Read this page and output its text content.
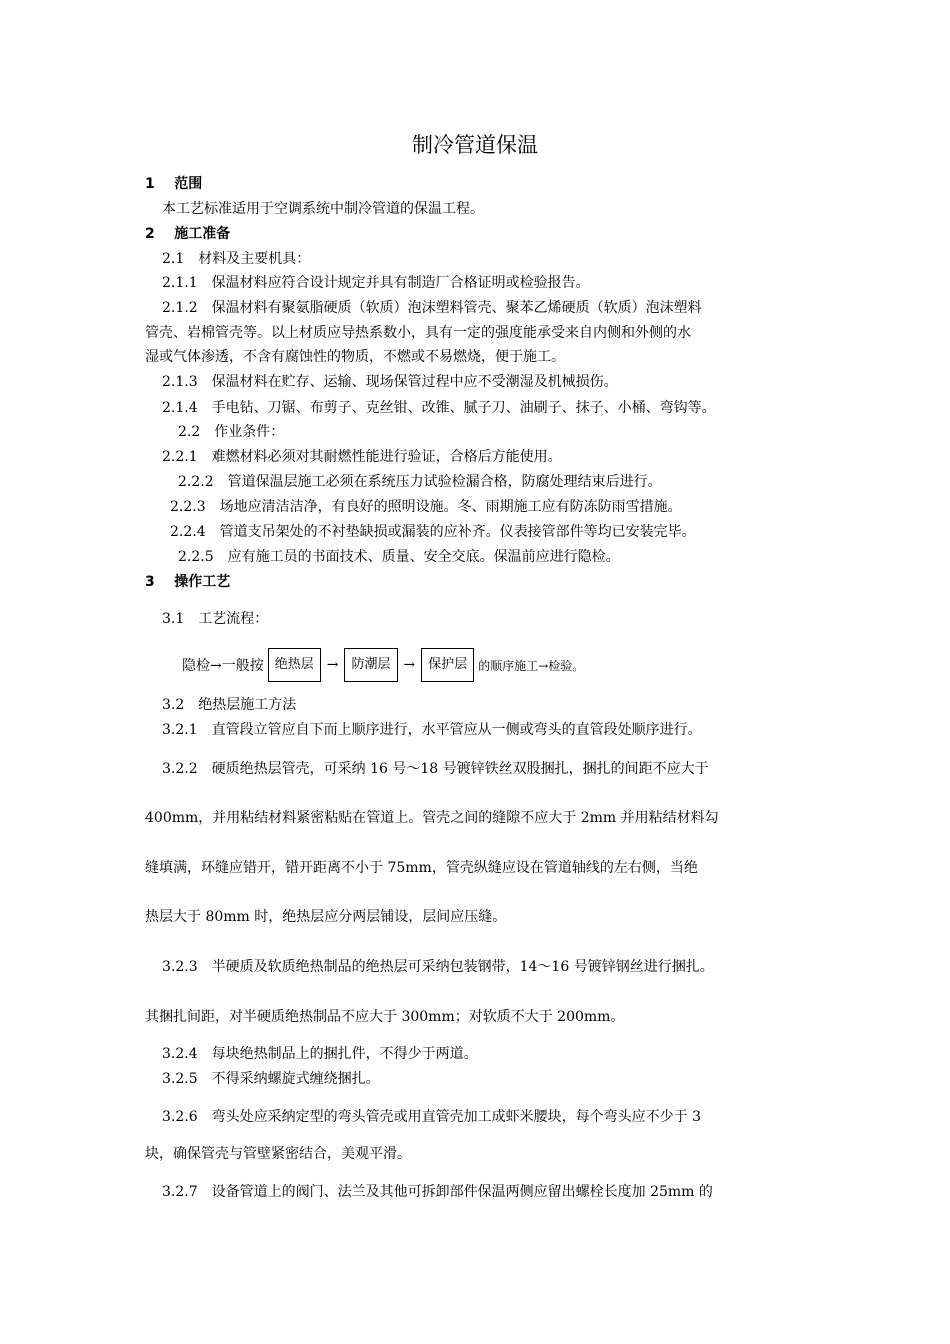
制冷管道保温
1 范围
本工艺标准适用于空调系统中制冷管道的保温工程。
2 施工准备
2.1　材料及主要机具：
2.1.1　保温材料应符合设计规定并具有制造厂合格证明或检验报告。
2.1.2　保温材料有聚氨脂硬质（软质）泡沫塑料管壳、聚苯乙烯硬质（软质）泡沫塑料
管壳、岩棉管壳等。以上材质应导热系数小，具有一定的强度能承受来自内侧和外侧的水
湿或气体渗透，不含有腐蚀性的物质，不燃或不易燃烧，便于施工。
2.1.3　保温材料在贮存、运输、现场保管过程中应不受潮湿及机械损伤。
2.1.4　手电钻、刀锯、布剪子、克丝钳、改锥、腻子刀、油刷子、抹子、小桶、弯钩等。
2.2　作业条件：
2.2.1　难燃材料必须对其耐燃性能进行验证，合格后方能使用。
2.2.2　管道保温层施工必须在系统压力试验检漏合格，防腐处理结束后进行。
2.2.3　场地应清洁洁净，有良好的照明设施。冬、雨期施工应有防冻防雨雪措施。
2.2.4　管道支吊架处的不衬垫缺损或漏装的应补齐。仪表接管部件等均已安装完毕。
2.2.5　应有施工员的书面技术、质量、安全交底。保温前应进行隐检。
3 操作工艺
3.1　工艺流程：
隐检→一般按 绝热层 →	防潮层 →	保护层 的顺序施工→检验。
3.2　绝热层施工方法
3.2.1　直管段立管应自下而上顺序进行，水平管应从一侧或弯头的直管段处顺序进行。
3.2.2　硬质绝热层管壳，可采纳 16 号～18 号镀锌铁丝双股捆扎，捆扎的间距不应大于
400mm，并用粘结材料紧密粘贴在管道上。管壳之间的缝隙不应大于 2mm 并用粘结材料勾
缝填满，环缝应错开，错开距离不小于 75mm，管壳纵缝应设在管道轴线的左右侧，当绝
热层大于 80mm 时，绝热层应分两层铺设，层间应压缝。
3.2.3　半硬质及软质绝热制品的绝热层可采纳包装钢带，14～16 号镀锌钢丝进行捆扎。
其捆扎间距，对半硬质绝热制品不应大于 300mm；对软质不大于 200mm。
3.2.4　每块绝热制品上的捆扎件，不得少于两道。
3.2.5　不得采纳螺旋式缠绕捆扎。
3.2.6　弯头处应采纳定型的弯头管壳或用直管壳加工成虾米腰块，每个弯头应不少于 3
块，确保管壳与管壁紧密结合，美观平滑。
3.2.7　设备管道上的阀门、法兰及其他可拆卸部件保温两侧应留出螺栓长度加 25mm 的
